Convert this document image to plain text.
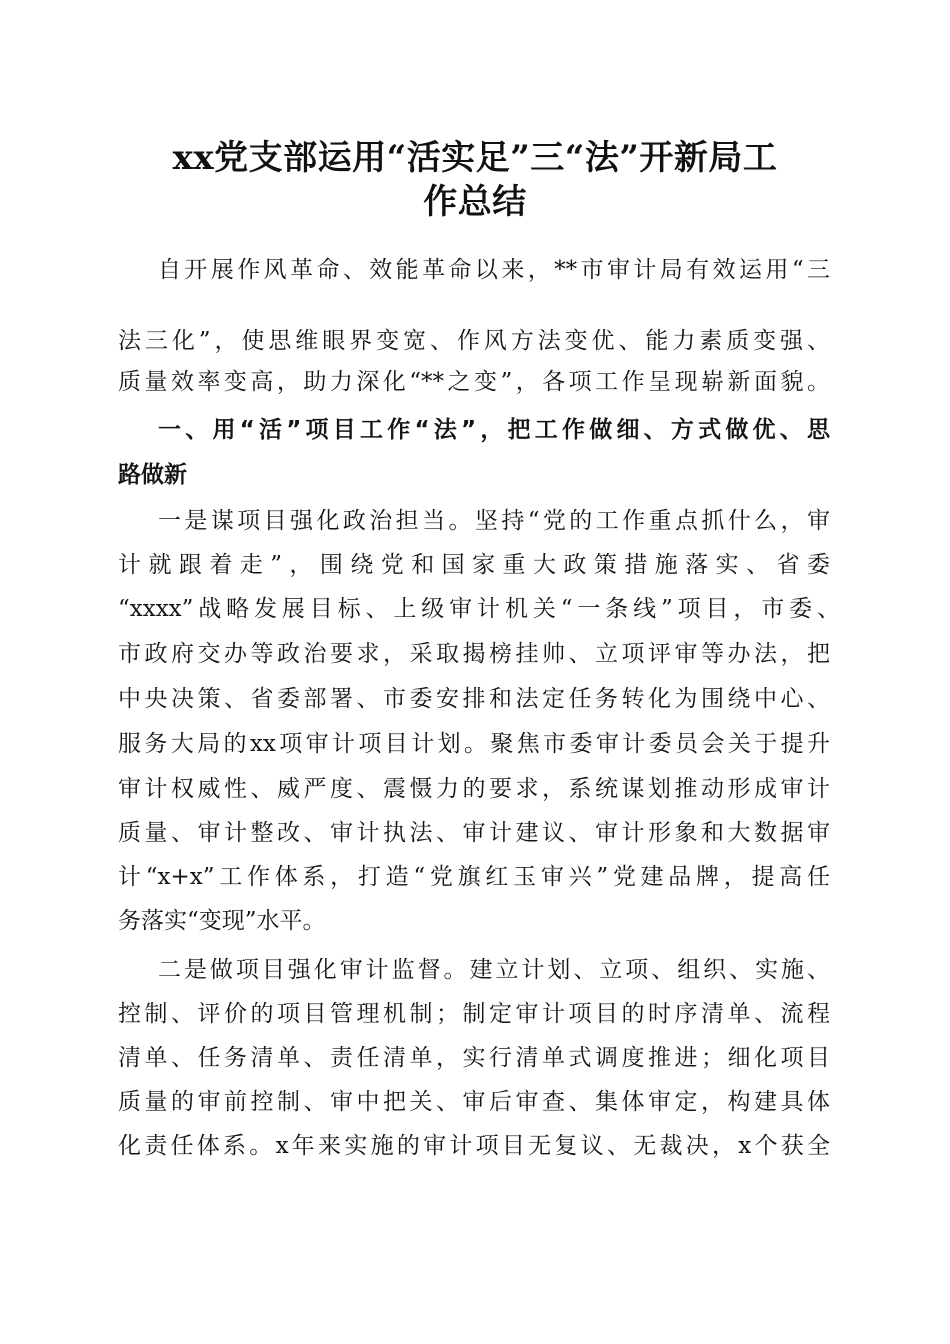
xx党支部运用“活实足”三“法”开新局工
作总结
自开展作风革命、效能革命以来，**市审计局有效运用“三
法三化”，使思维眼界变宽、作风方法变优、能力素质变强、
质量效率变高，助力深化“**之变”，各项工作呈现崭新面貌。
一、用“活”项目工作“法”，把工作做细、方式做优、思
路做新
一是谋项目强化政治担当。坚持“党的工作重点抓什么，审
计就跟着走”，围绕党和国家重大政策措施落实、省委
“xxxx”战略发展目标、上级审计机关“一条线”项目，市委、
市政府交办等政治要求，采取揭榜挂帅、立项评审等办法，把
中央决策、省委部署、市委安排和法定任务转化为围绕中心、
服务大局的xx项审计项目计划。聚焦市委审计委员会关于提升
审计权威性、威严度、震慑力的要求，系统谋划推动形成审计
质量、审计整改、审计执法、审计建议、审计形象和大数据审
计“x+x”工作体系，打造“党旗红玉审兴”党建品牌，提高任
务落实“变现”水平。
二是做项目强化审计监督。建立计划、立项、组织、实施、
控制、评价的项目管理机制；制定审计项目的时序清单、流程
清单、任务清单、责任清单，实行清单式调度推进；细化项目
质量的审前控制、审中把关、审后审查、集体审定，构建具体
化责任体系。x年来实施的审计项目无复议、无裁决，x个获全
